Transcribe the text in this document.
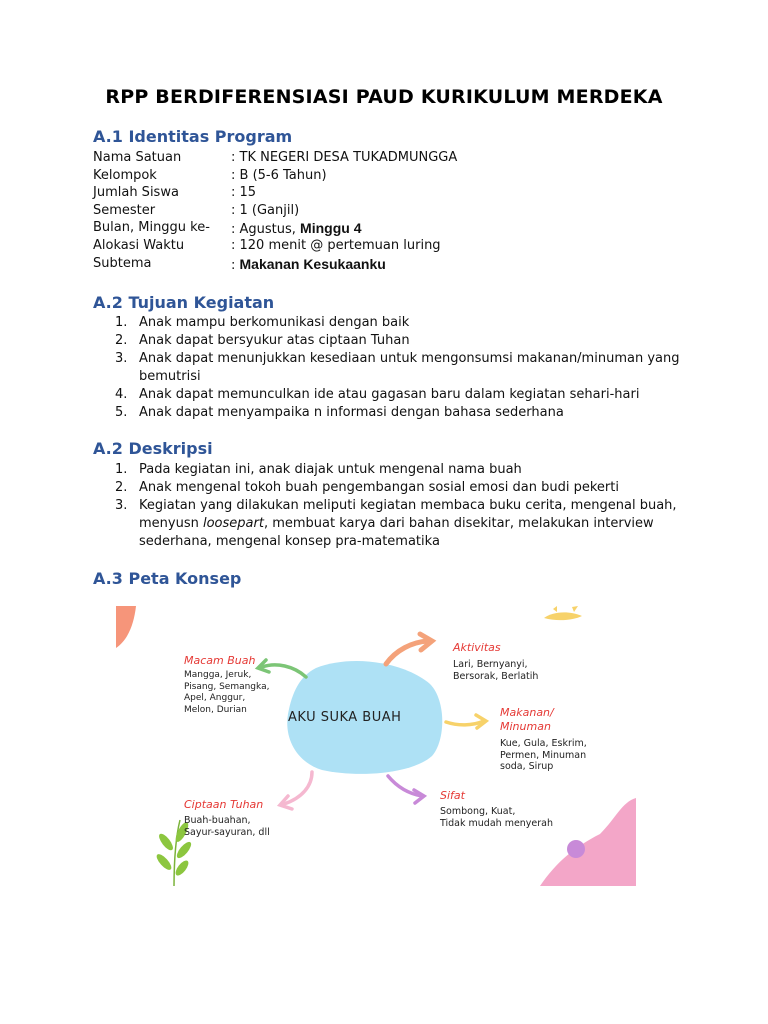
RPP BERDIFERENSIASI PAUD KURIKULUM MERDEKA
A.1 Identitas Program
Nama Satuan	: TK NEGERI DESA TUKADMUNGGA
Kelompok	: B (5-6 Tahun)
Jumlah Siswa	: 15
Semester	: 1 (Ganjil)
Bulan, Minggu ke- : Agustus, Minggu 4
Alokasi Waktu	: 120 menit @ pertemuan luring
Subtema	: Makanan Kesukaanku
A.2 Tujuan Kegiatan
1. Anak mampu berkomunikasi dengan baik
2. Anak dapat bersyukur atas ciptaan Tuhan
3. Anak dapat menunjukkan kesediaan untuk mengonsumsi makanan/minuman yang
bemutrisi
4. Anak dapat memunculkan ide atau gagasan baru dalam kegiatan sehari-hari
5. Anak dapat menyampaika n informasi dengan bahasa sederhana
A.2 Deskripsi
1. Pada kegiatan ini, anak diajak untuk mengenal nama buah
2. Anak mengenal tokoh buah pengembangan sosial emosi dan budi pekerti
3. Kegiatan yang dilakukan meliputi kegiatan membaca buku cerita, mengenal buah,
menyusn loosepart, membuat karya dari bahan disekitar, melakukan interview
sederhana, mengenal konsep pra-matematika
A.3 Peta Konsep
AKU SUKA BUAH
Macam Buah
Mangga, Jeruk,
Pisang, Semangka,
Apel, Anggur,
Melon, Durian
Aktivitas
Lari, Bernyanyi,
Bersorak, Berlatih
Makanan/
Minuman
Kue, Gula, Eskrim,
Permen, Minuman
soda, Sirup
Ciptaan Tuhan
Buah-buahan,
Sayur-sayuran, dll
Sifat
Sombong, Kuat,
Tidak mudah menyerah
